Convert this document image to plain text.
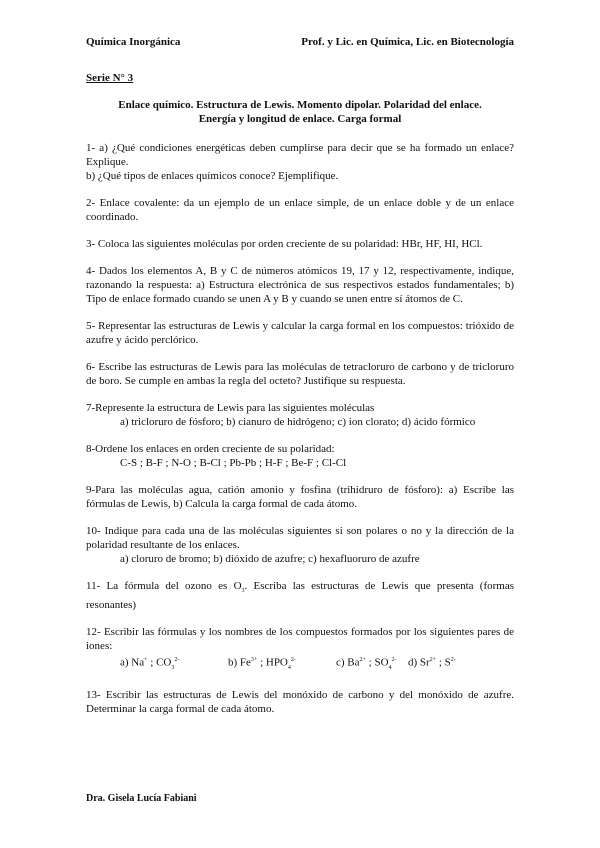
Química Inorgánica	Prof. y Lic. en Química, Lic. en Biotecnología
Serie N° 3
Enlace químico. Estructura de Lewis. Momento dipolar. Polaridad del enlace.
Energía y longitud de enlace. Carga formal

1- a) ¿Qué condiciones energéticas deben cumplirse para decir que se ha formado un enlace? Explique.

b) ¿Qué tipos de enlaces químicos conoce? Ejemplifique.

2- Enlace covalente: da un ejemplo de un enlace simple, de un enlace doble y de un enlace coordinado.

3- Coloca las siguientes moléculas por orden creciente de su polaridad: HBr, HF, HI, HCl.

4- Dados los elementos A, B y C de números atómicos 19, 17 y 12, respectivamente, indique, razonando la respuesta: a) Estructura electrónica de sus respectivos estados fundamentales; b) Tipo de enlace formado cuando se unen A y B y cuando se unen entre sí átomos de C.

5- Representar las estructuras de Lewis y calcular la carga formal en los compuestos: trióxido de azufre y ácido perclórico.

6- Escribe las estructuras de Lewis para las moléculas de tetracloruro de carbono y de tricloruro de boro. Se cumple en ambas la regla del octeto? Justifique su respuesta.

7-Represente la estructura de Lewis para las siguientes moléculas

a) tricloruro de fósforo; b) cianuro de hidrógeno; c) ion clorato; d) ácido fórmico

8-Ordene los enlaces en orden creciente de su polaridad:

C-S ; B-F ; N-O ; B-Cl ; Pb-Pb ; H-F ; Be-F ; Cl-Cl

9-Para las moléculas agua, catión amonio y fosfina (trihidruro de fósforo): a) Escribe las fórmulas de Lewis, b) Calcula la carga formal de cada átomo.

10- Indique para cada una de las moléculas siguientes si son polares o no y la dirección de la polaridad resultante de los enlaces.

a) cloruro de bromo; b) dióxido de azufre; c) hexafluoruro de azufre

11- La fórmula del ozono es $O_3$. Escriba las estructuras de Lewis que presenta (formas resonantes)

12- Escribir las fórmulas y los nombres de los compuestos formados por los siguientes pares de iones:

a) Na+ ; $CO_3^{2-}$	b) $Fe^{3+}$ ; $HPO_4^{2-}$	c) $Ba^{2+}$ ; $SO_4^{2-}$	d) $Sr^{2+}$ ; $S^{2-}$

13- Escribir las estructuras de Lewis del monóxido de carbono y del monóxido de azufre. Determinar la carga formal de cada átomo.

Dra. Gisela Lucía Fabiani
